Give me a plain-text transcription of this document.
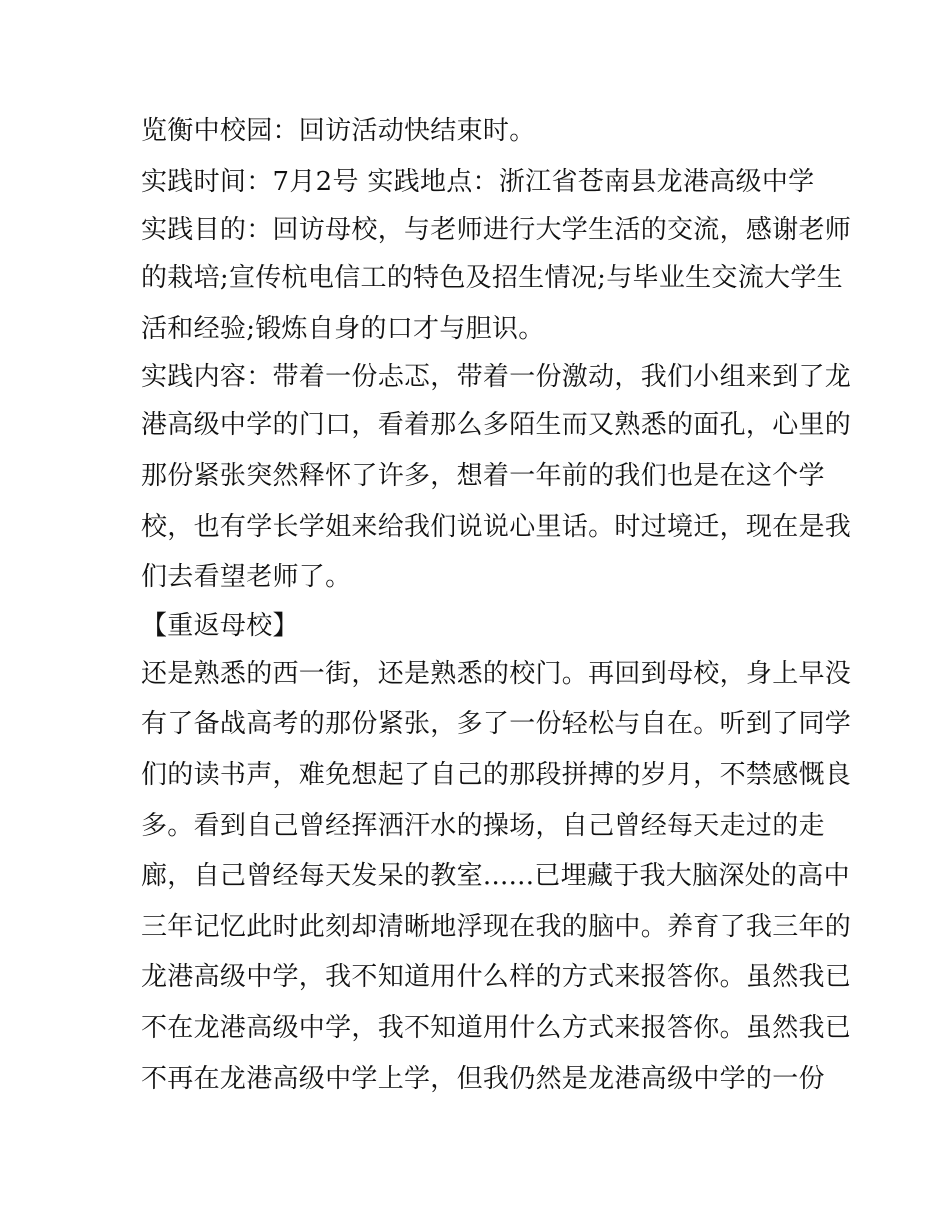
览衡中校园：回访活动快结束时。
实践时间：7月2号 实践地点：浙江省苍南县龙港高级中学
实践目的：回访母校，与老师进行大学生活的交流，感谢老师
的栽培;宣传杭电信工的特色及招生情况;与毕业生交流大学生
活和经验;锻炼自身的口才与胆识。
实践内容：带着一份忐忑，带着一份激动，我们小组来到了龙
港高级中学的门口，看着那么多陌生而又熟悉的面孔，心里的
那份紧张突然释怀了许多，想着一年前的我们也是在这个学
校，也有学长学姐来给我们说说心里话。时过境迁，现在是我
们去看望老师了。
【重返母校】
还是熟悉的西一街，还是熟悉的校门。再回到母校，身上早没
有了备战高考的那份紧张，多了一份轻松与自在。听到了同学
们的读书声，难免想起了自己的那段拼搏的岁月，不禁感慨良
多。看到自己曾经挥洒汗水的操场，自己曾经每天走过的走
廊，自己曾经每天发呆的教室......已埋藏于我大脑深处的高中
三年记忆此时此刻却清晰地浮现在我的脑中。养育了我三年的
龙港高级中学，我不知道用什么样的方式来报答你。虽然我已
不在龙港高级中学，我不知道用什么方式来报答你。虽然我已
不再在龙港高级中学上学，但我仍然是龙港高级中学的一份
